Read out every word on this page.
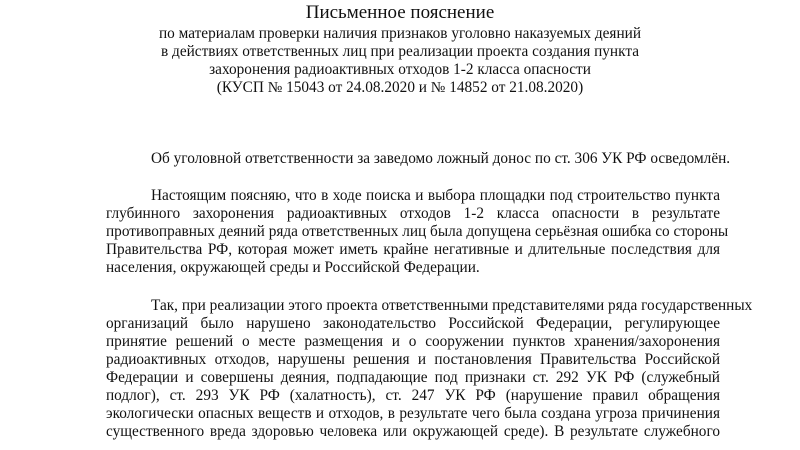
Письменное пояснение

по материалам проверки наличия признаков уголовно наказуемых деяний
в действиях ответственных лиц при реализации проекта создания пункта
захоронения радиоактивных отходов 1-2 класса опасности
(КУСП № 15043 от 24.08.2020 и № 14852 от 21.08.2020)

Об уголовной ответственности за заведомо ложный донос по ст. 306 УК РФ осведомлён.

Настоящим поясняю, что в ходе поиска и выбора площадки под строительство пункта
глубинного захоронения радиоактивных отходов 1-2 класса опасности в результате
противоправных деяний ряда ответственных лиц была допущена серьёзная ошибка со стороны
Правительства РФ, которая может иметь крайне негативные и длительные последствия для
населения, окружающей среды и Российской Федерации.
Так, при реализации этого проекта ответственными представителями ряда государственных
организаций было нарушено законодательство Российской Федерации, регулирующее
принятие решений о месте размещения и о сооружении пунктов хранения/захоронения
радиоактивных отходов, нарушены решения и постановления Правительства Российской
Федерации и совершены деяния, подпадающие под признаки ст. 292 УК РФ (служебный
подлог), ст. 293 УК РФ (халатность), ст. 247 УК РФ (нарушение правил обращения
экологически опасных веществ и отходов, в результате чего была создана угроза причинения
существенного вреда здоровью человека или окружающей среде). В результате служебного
